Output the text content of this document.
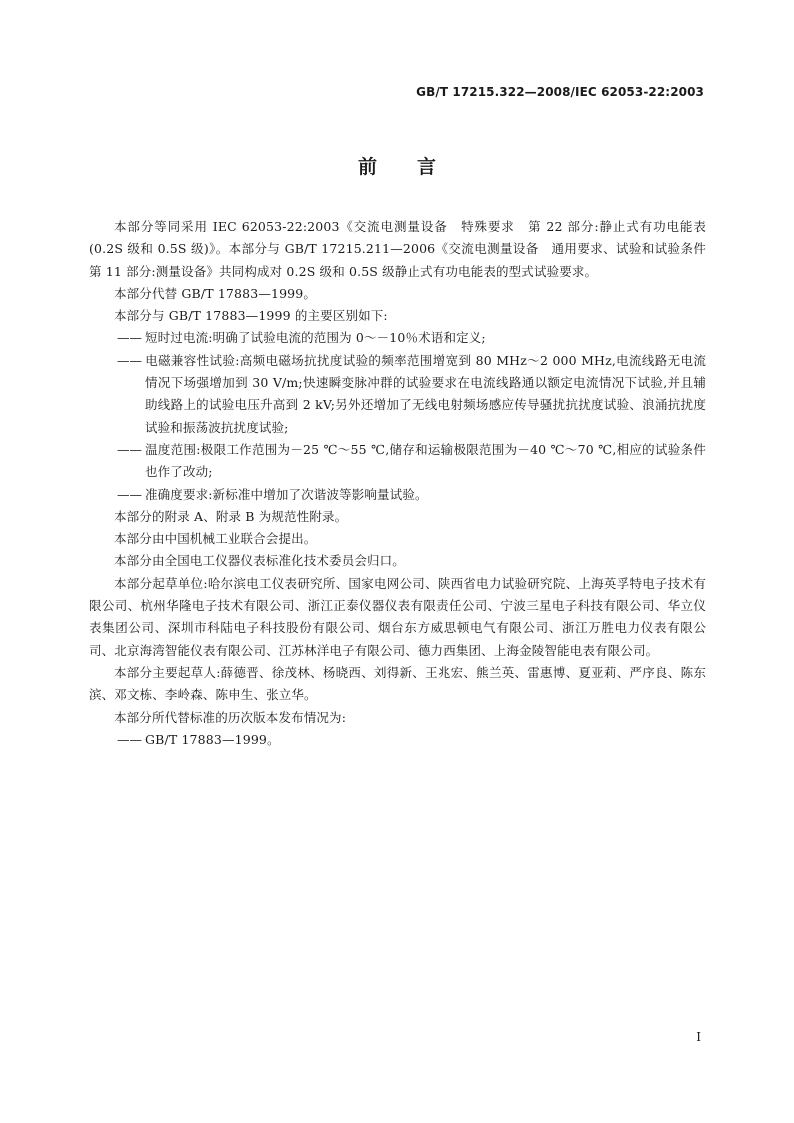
GB/T 17215.322—2008/IEC 62053-22:2003
前言

本部分等同采用 IEC 62053-22:2003《交流电测量设备　特殊要求　第 22 部分:静止式有功电能表(0.2S 级和 0.5S 级)》。本部分与 GB/T 17215.211—2006《交流电测量设备　通用要求、试验和试验条件　第 11 部分:测量设备》共同构成对 0.2S 级和 0.5S 级静止式有功电能表的型式试验要求。

本部分代替 GB/T 17883—1999。

本部分与 GB/T 17883—1999 的主要区别如下:

—— 短时过电流:明确了试验电流的范围为 0～－10％术语和定义;

—— 电磁兼容性试验:高频电磁场抗扰度试验的频率范围增宽到 80 MHz～2 000 MHz,电流线路无电流情况下场强增加到 30 V/m;快速瞬变脉冲群的试验要求在电流线路通以额定电流情况下试验,并且辅助线路上的试验电压升高到 2 kV;另外还增加了无线电射频场感应传导骚扰抗扰度试验、浪涌抗扰度试验和振荡波抗扰度试验;

—— 温度范围:极限工作范围为－25 ℃～55 ℃,储存和运输极限范围为－40 ℃～70 ℃,相应的试验条件也作了改动;

—— 准确度要求:新标准中增加了次谐波等影响量试验。

本部分的附录 A、附录 B 为规范性附录。

本部分由中国机械工业联合会提出。

本部分由全国电工仪器仪表标准化技术委员会归口。

本部分起草单位:哈尔滨电工仪表研究所、国家电网公司、陕西省电力试验研究院、上海英孚特电子技术有限公司、杭州华隆电子技术有限公司、浙江正泰仪器仪表有限责任公司、宁波三星电子科技有限公司、华立仪表集团公司、深圳市科陆电子科技股份有限公司、烟台东方威思顿电气有限公司、浙江万胜电力仪表有限公司、北京海湾智能仪表有限公司、江苏林洋电子有限公司、德力西集团、上海金陵智能电表有限公司。

本部分主要起草人:薛德晋、徐茂林、杨晓西、刘得新、王兆宏、熊兰英、雷惠博、夏亚莉、严序良、陈东滨、邓文栋、李岭森、陈申生、张立华。

本部分所代替标准的历次版本发布情况为:

—— GB/T 17883—1999。

I
